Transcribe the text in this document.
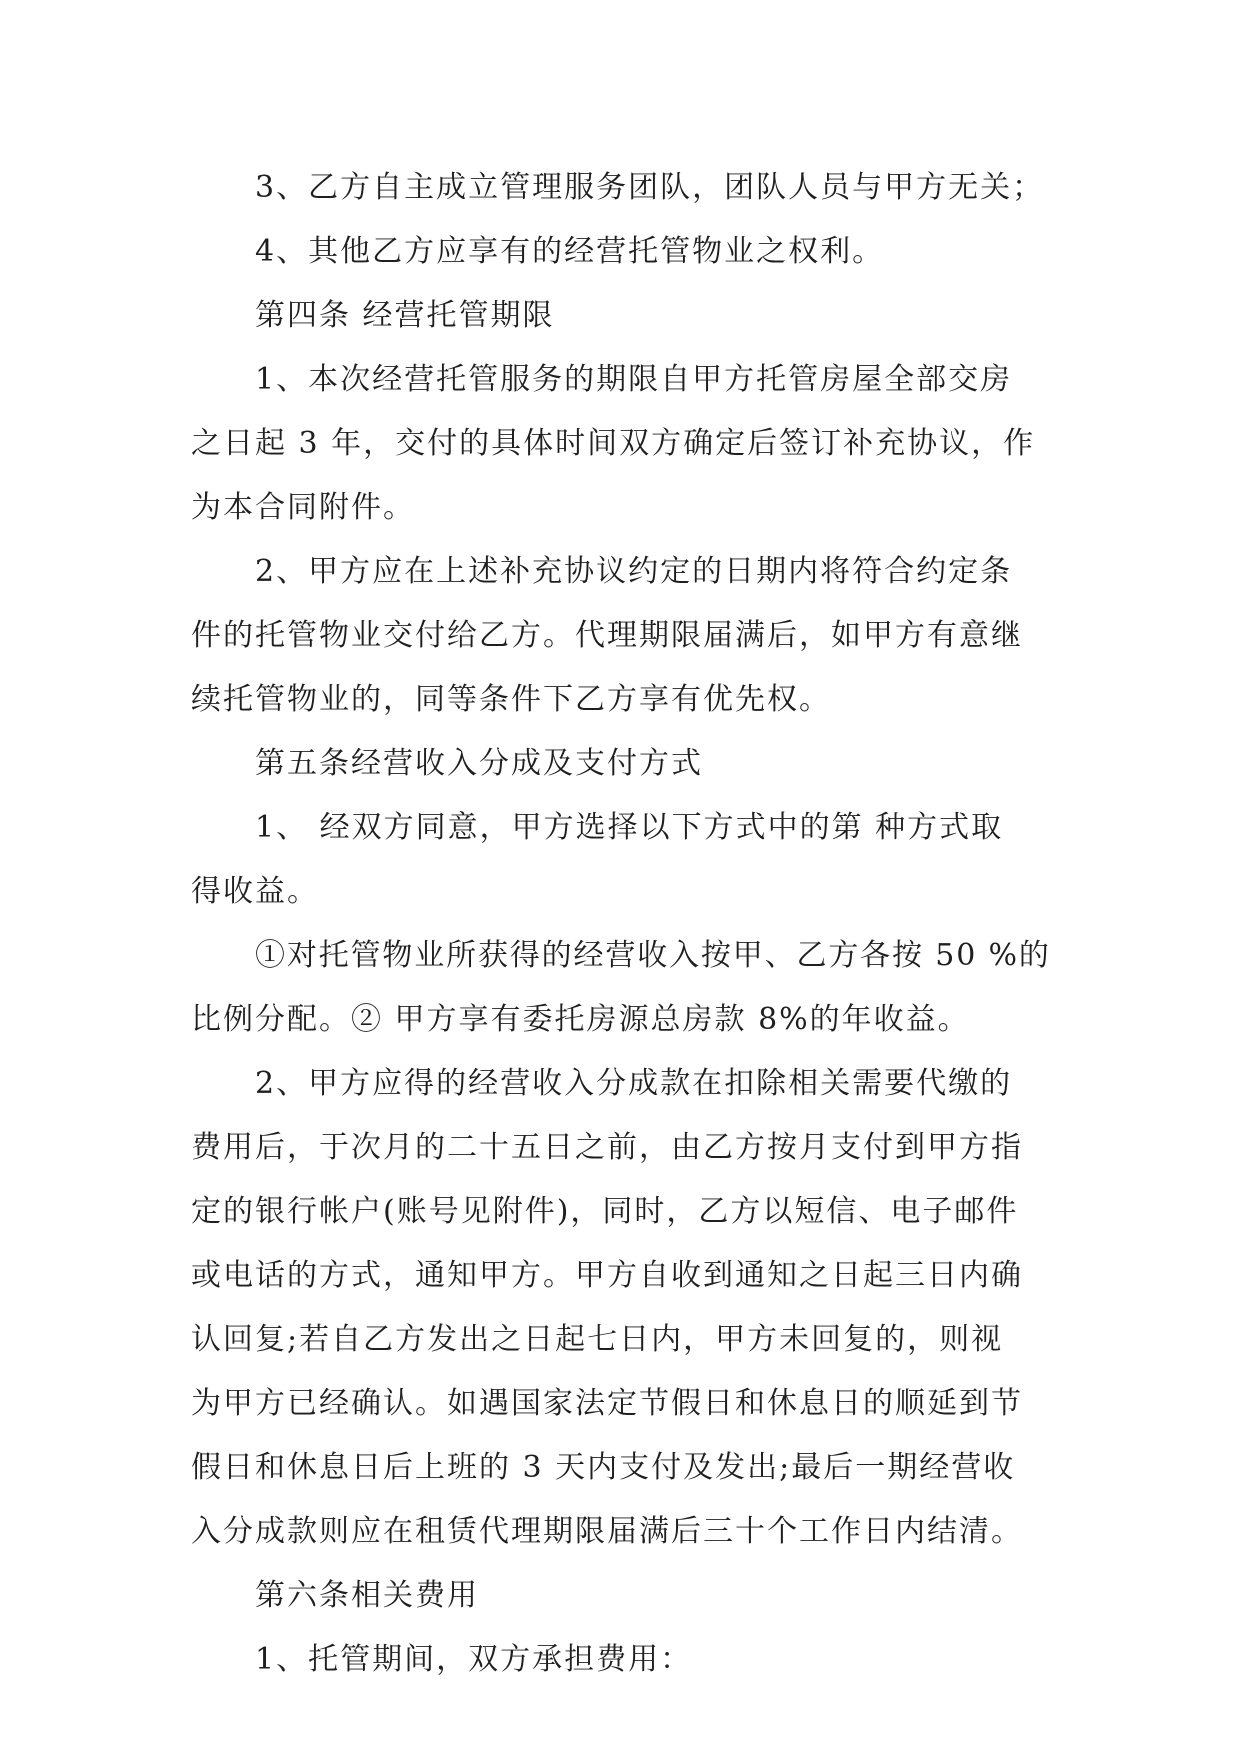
3、乙方自主成立管理服务团队，团队人员与甲方无关；
4、其他乙方应享有的经营托管物业之权利。
第四条 经营托管期限
1、本次经营托管服务的期限自甲方托管房屋全部交房
之日起 3 年，交付的具体时间双方确定后签订补充协议，作
为本合同附件。
2、甲方应在上述补充协议约定的日期内将符合约定条
件的托管物业交付给乙方。代理期限届满后，如甲方有意继
续托管物业的，同等条件下乙方享有优先权。
第五条经营收入分成及支付方式
1、 经双方同意，甲方选择以下方式中的第 种方式取
得收益。
①对托管物业所获得的经营收入按甲、乙方各按 50 %的
比例分配。② 甲方享有委托房源总房款 8%的年收益。
2、甲方应得的经营收入分成款在扣除相关需要代缴的
费用后，于次月的二十五日之前，由乙方按月支付到甲方指
定的银行帐户(账号见附件)，同时，乙方以短信、电子邮件
或电话的方式，通知甲方。甲方自收到通知之日起三日内确
认回复;若自乙方发出之日起七日内，甲方未回复的，则视
为甲方已经确认。如遇国家法定节假日和休息日的顺延到节
假日和休息日后上班的 3 天内支付及发出;最后一期经营收
入分成款则应在租赁代理期限届满后三十个工作日内结清。
第六条相关费用
1、托管期间，双方承担费用：
